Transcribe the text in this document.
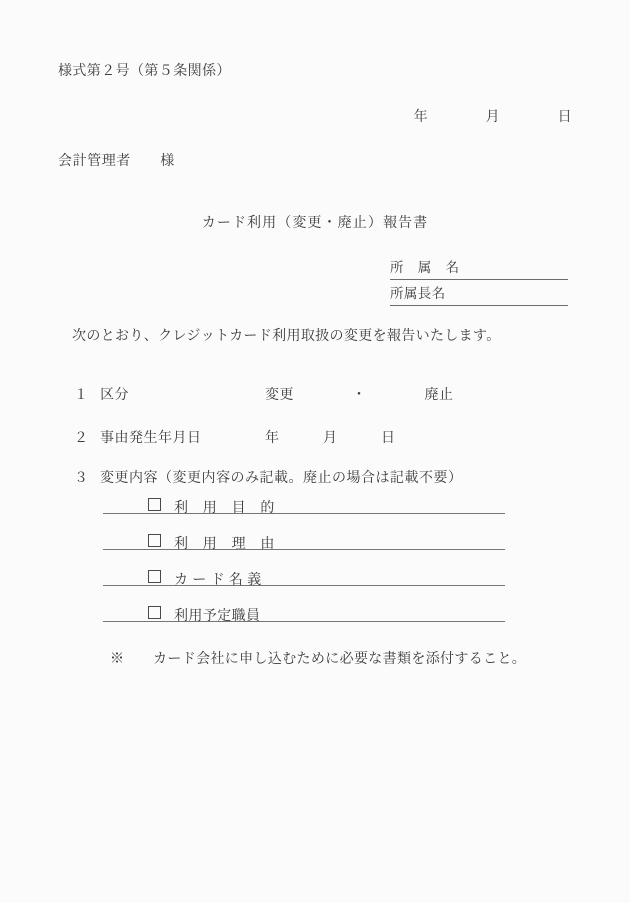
様式第２号（第５条関係）
年　　　　月　　　　日
会計管理者　　様
カード利用（変更・廃止）報告書
所　属　名
所属長名
次のとおり、クレジットカード利用取扱の変更を報告いたします。

１ 区分	変更　　　　・　　　　廃止

２ 事由発生年月日	年　　　月　　　日

３ 変更内容（変更内容のみ記載。廃止の場合は記載不要）

利　用　目　的

利　用　理　由

カ ー ド 名 義

利用予定職員

※　　カード会社に申し込むために必要な書類を添付すること。
